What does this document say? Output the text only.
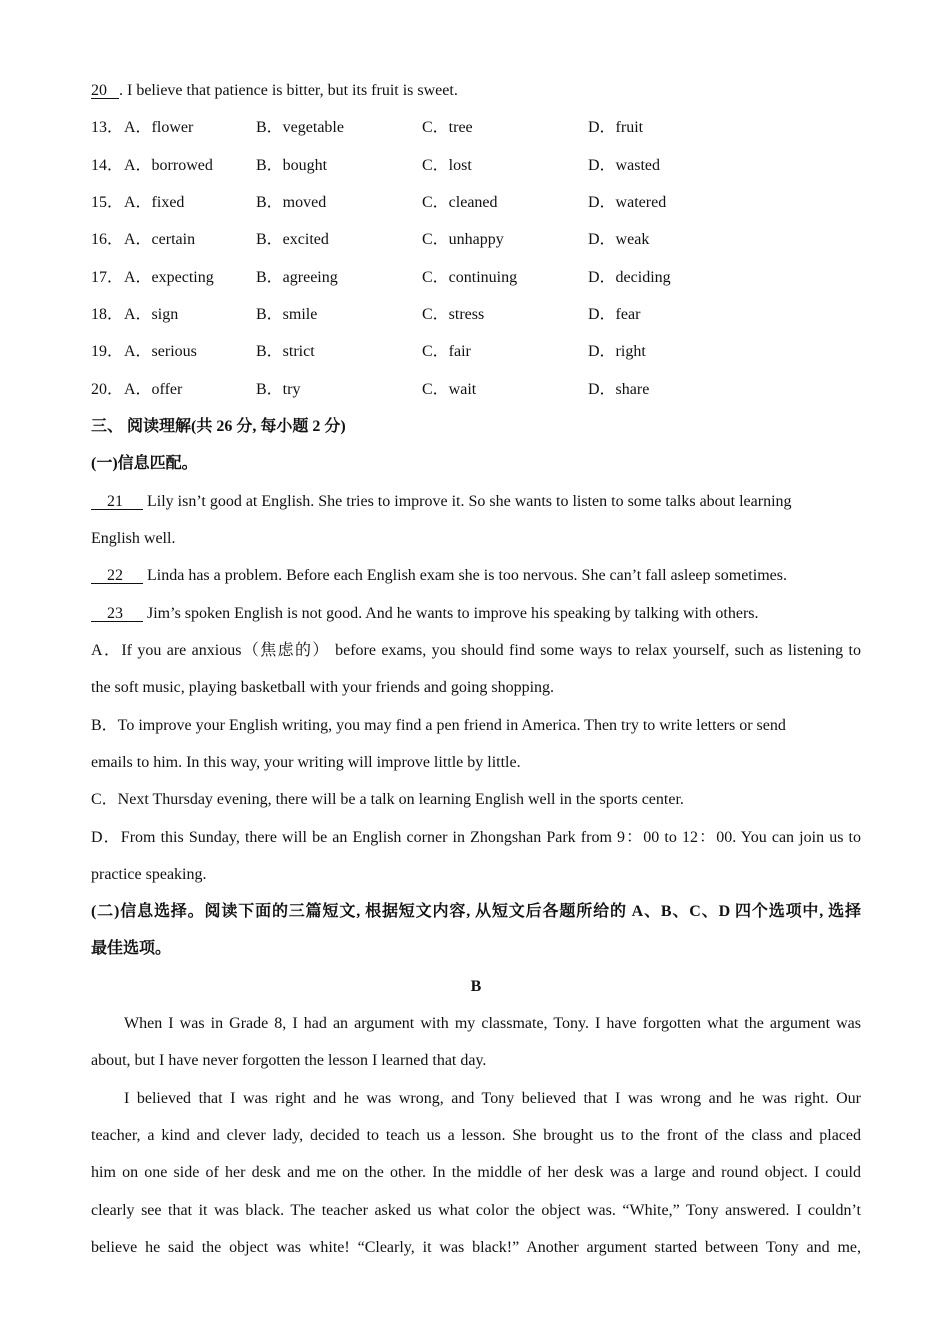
20   . I believe that patience is bitter, but its fruit is sweet.
13． A．flower	B．vegetable	C．tree	D．fruit
14． A．borrowed	B．bought	C．lost	D．wasted
15． A．fixed	B．moved	C．cleaned	D．watered
16． A．certain	B．excited	C．unhappy	D．weak
17． A．expecting	B．agreeing	C．continuing	D．deciding
18． A．sign	B．smile	C．stress	D．fear
19． A．serious	B．strict	C．fair	D．right
20． A．offer	B．try	C．wait	D．share
三、 阅读理解(共 26 分, 每小题 2 分)
(一)信息匹配。
21      Lily isn’t good at English. She tries to improve it. So she wants to listen to some talks about learning
English well.
22      Linda has a problem. Before each English exam she is too nervous. She can’t fall asleep sometimes.
23      Jim’s spoken English is not good. And he wants to improve his speaking by talking with others.
A．If you are anxious（焦虑的） before exams, you should find some ways to relax yourself, such as listening to
the soft music, playing basketball with your friends and going shopping.
B．To improve your English writing, you may find a pen friend in America. Then try to write letters or send
emails to him. In this way, your writing will improve little by little.
C．Next Thursday evening, there will be a talk on learning English well in the sports center.
D．From this Sunday, there will be an English corner in Zhongshan Park from 9：00 to 12：00. You can join us to
practice speaking.
(二)信息选择。阅读下面的三篇短文, 根据短文内容, 从短文后各题所给的 A、B、C、D 四个选项中, 选择
最佳选项。
B
When I was in Grade 8, I had an argument with my classmate, Tony. I have forgotten what the argument was
about, but I have never forgotten the lesson I learned that day.
I believed that I was right and he was wrong, and Tony believed that I was wrong and he was right. Our
teacher, a kind and clever lady, decided to teach us a lesson. She brought us to the front of the class and placed
him on one side of her desk and me on the other. In the middle of her desk was a large and round object. I could
clearly see that it was black. The teacher asked us what color the object was. “White,” Tony answered. I couldn’t
believe he said the object was white! “Clearly, it was black!” Another argument started between Tony and me,
